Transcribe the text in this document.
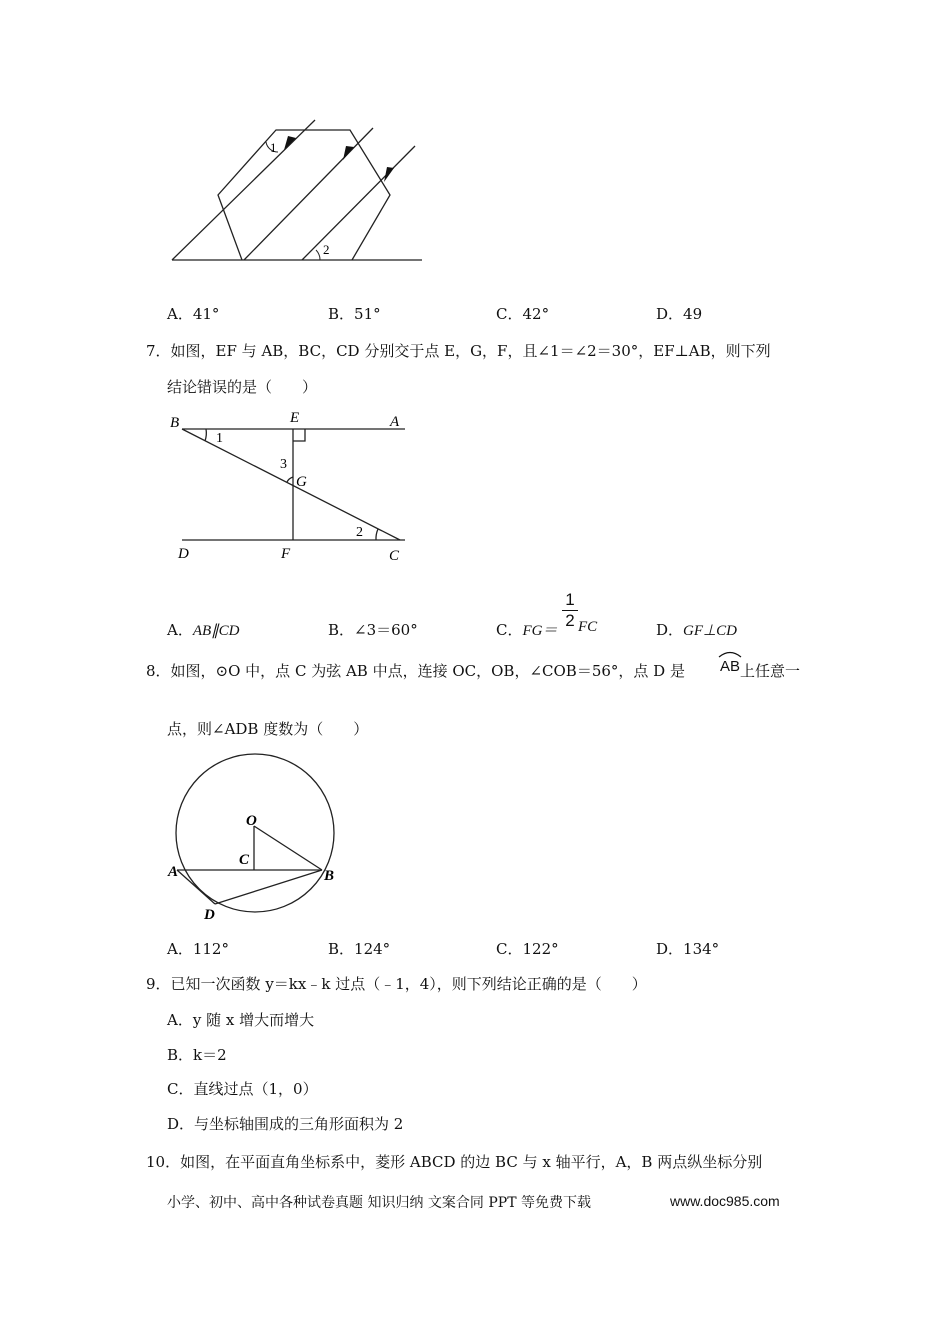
1
2
A．41°	B．51°	C．42°	D．49
7．如图，EF 与 AB，BC，CD 分别交于点 E，G，F，且∠1＝∠2＝30°，EF⊥AB，则下列
结论错误的是（　　）
B	E	A
1
3
G
2
D	F	C
A．AB∥CD	B．∠3＝60°	C．FG＝
1
2 FC	D．GF⊥CD
8．如图，⊙O 中，点 C 为弦 AB 中点，连接 OC，OB，∠COB＝56°，点 D 是 AB 上任意一
点，则∠ADB 度数为（　　）
O
C
A	B
D
A．112°	B．124°	C．122°	D．134°
9．已知一次函数 y＝kx﹣k 过点（﹣1，4），则下列结论正确的是（　　）
A．y 随 x 增大而增大
B．k＝2
C．直线过点（1，0）
D．与坐标轴围成的三角形面积为 2
10．如图，在平面直角坐标系中，菱形 ABCD 的边 BC 与 x 轴平行，A，B 两点纵坐标分别
小学、初中、高中各种试卷真题 知识归纳 文案合同 PPT 等免费下载	www.doc985.com
